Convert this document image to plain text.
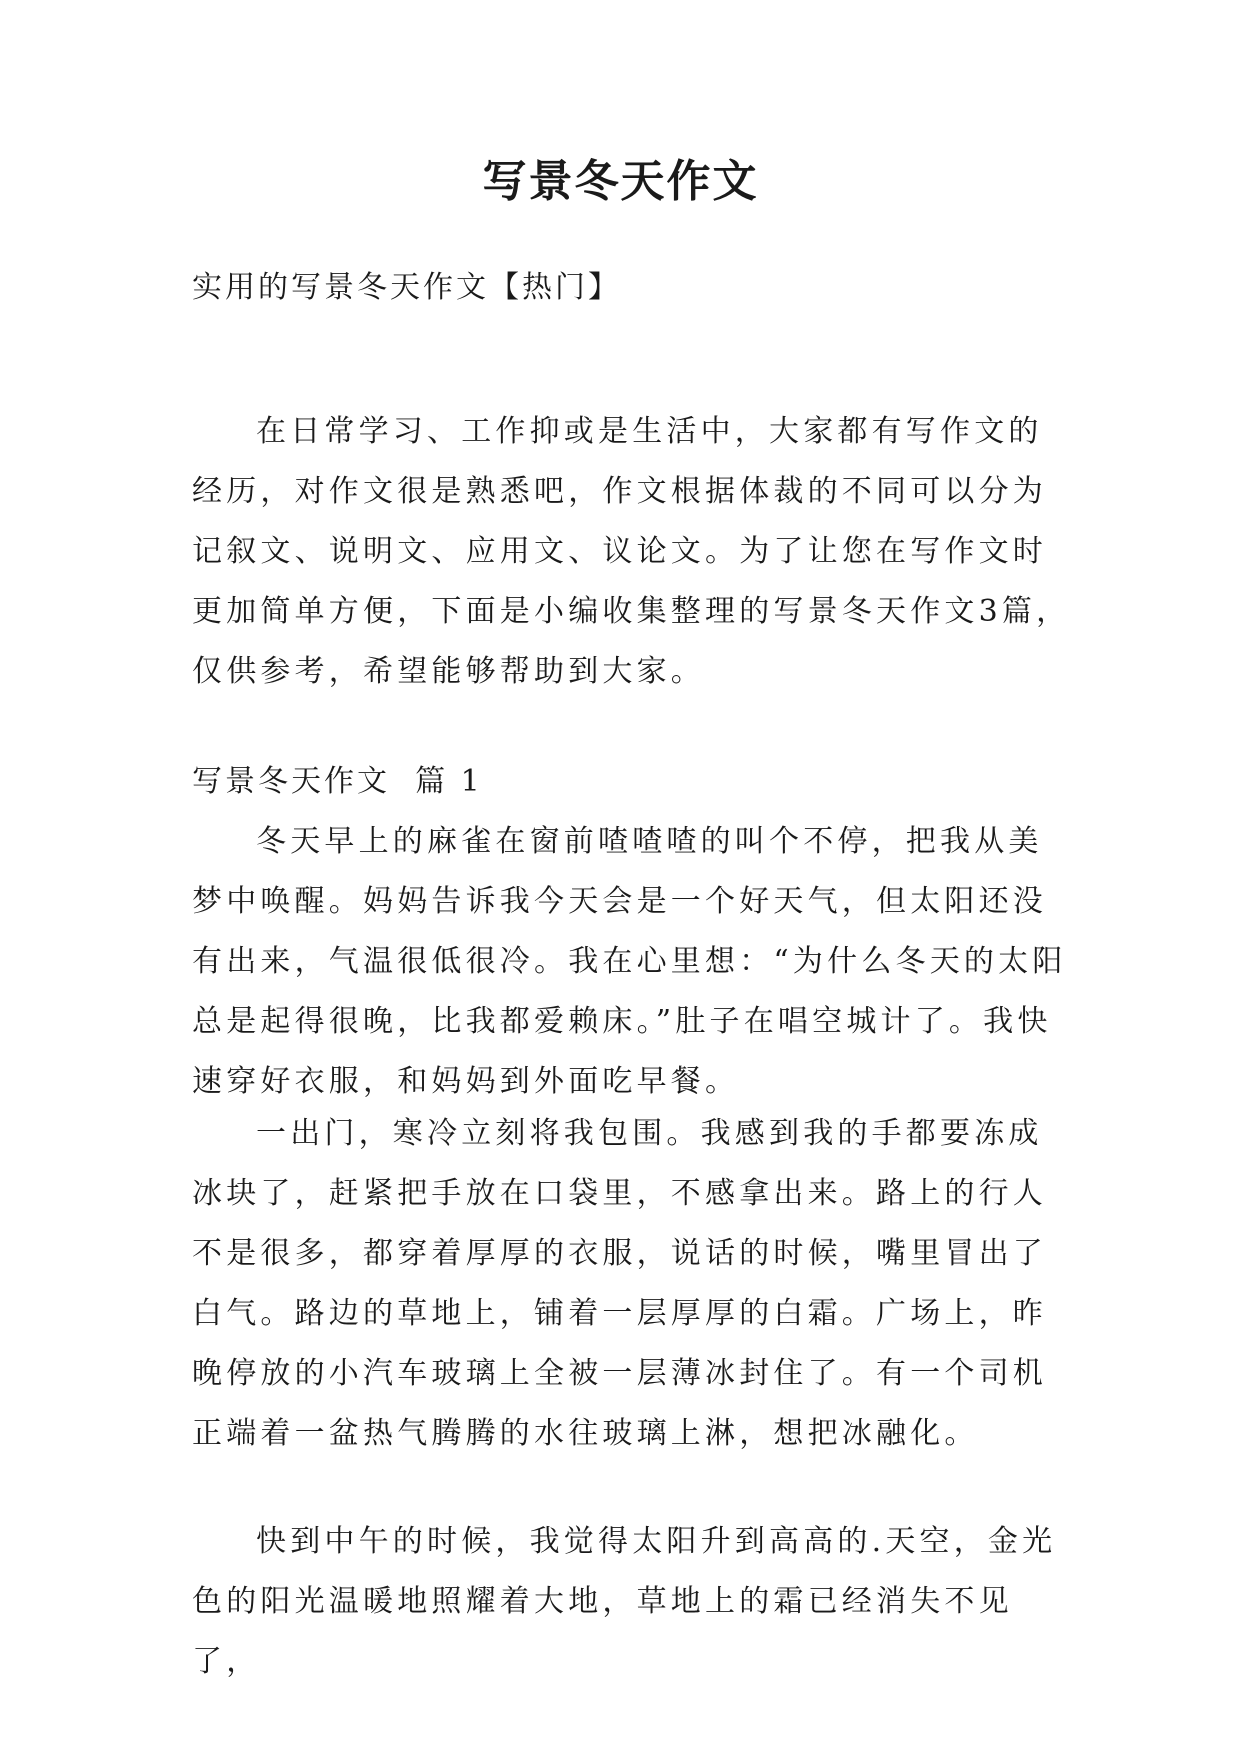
写景冬天作文

实用的写景冬天作文【热门】

在日常学习、工作抑或是生活中，大家都有写作文的经历，对作文很是熟悉吧，作文根据体裁的不同可以分为记叙文、说明文、应用文、议论文。为了让您在写作文时更加简单方便，下面是小编收集整理的写景冬天作文3篇，仅供参考，希望能够帮助到大家。

写景冬天作文  篇 1

冬天早上的麻雀在窗前喳喳喳的叫个不停，把我从美梦中唤醒。妈妈告诉我今天会是一个好天气，但太阳还没有出来，气温很低很冷。我在心里想：“为什么冬天的太阳总是起得很晚，比我都爱赖床。”肚子在唱空城计了。我快速穿好衣服，和妈妈到外面吃早餐。

一出门，寒冷立刻将我包围。我感到我的手都要冻成冰块了，赶紧把手放在口袋里，不感拿出来。路上的行人不是很多，都穿着厚厚的衣服，说话的时候，嘴里冒出了白气。路边的草地上，铺着一层厚厚的白霜。广场上，昨晚停放的小汽车玻璃上全被一层薄冰封住了。有一个司机正端着一盆热气腾腾的水往玻璃上淋，想把冰融化。

快到中午的时候，我觉得太阳升到高高的.天空，金光色的阳光温暖地照耀着大地，草地上的霜已经消失不见了，
